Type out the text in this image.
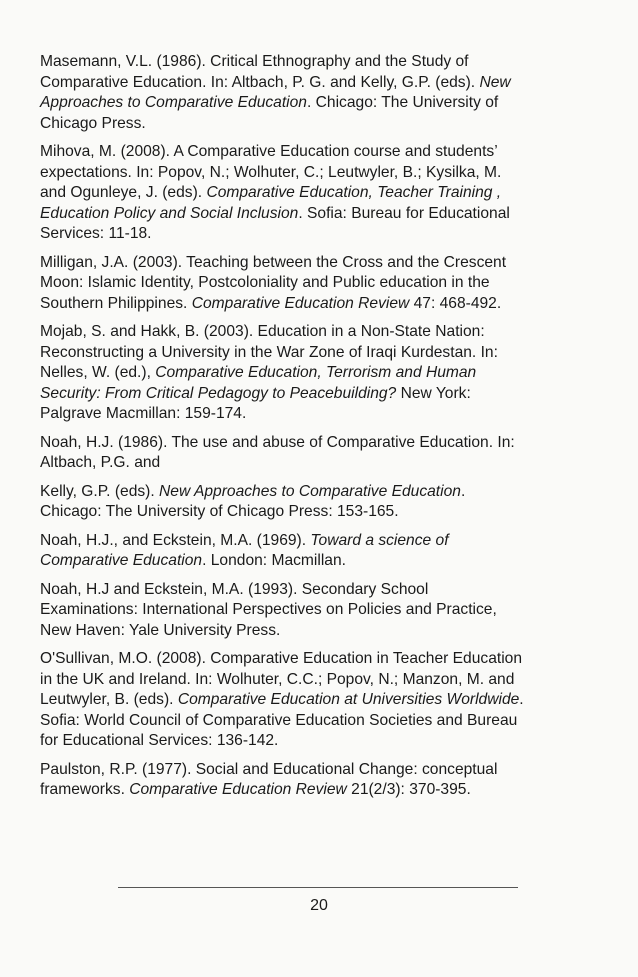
Masemann, V.L. (1986). Critical Ethnography and the Study of
Comparative Education. In: Altbach, P. G. and Kelly, G.P. (eds). New
Approaches to Comparative Education. Chicago: The University of
Chicago Press.
Mihova, M. (2008). A Comparative Education course and students’
expectations. In: Popov, N.; Wolhuter, C.; Leutwyler, B.; Kysilka, M.
and Ogunleye, J. (eds). Comparative Education, Teacher Training ,
Education Policy and Social Inclusion. Sofia: Bureau for Educational
Services: 11-18.
Milligan, J.A. (2003). Teaching between the Cross and the Crescent
Moon: Islamic Identity, Postcoloniality and Public education in the
Southern Philippines. Comparative Education Review 47: 468-492.
Mojab, S. and Hakk, B. (2003). Education in a Non-State Nation:
Reconstructing a University in the War Zone of Iraqi Kurdestan. In:
Nelles, W. (ed.), Comparative Education, Terrorism and Human
Security: From Critical Pedagogy to Peacebuilding? New York:
Palgrave Macmillan: 159-174.
Noah, H.J. (1986). The use and abuse of Comparative Education. In:
Altbach, P.G. and
Kelly, G.P. (eds). New Approaches to Comparative Education.
Chicago: The University of Chicago Press: 153-165.
Noah, H.J., and Eckstein, M.A. (1969). Toward a science of
Comparative Education. London: Macmillan.
Noah, H.J and Eckstein, M.A. (1993). Secondary School
Examinations: International Perspectives on Policies and Practice,
New Haven: Yale University Press.
O'Sullivan, M.O. (2008). Comparative Education in Teacher Education
in the UK and Ireland. In: Wolhuter, C.C.; Popov, N.; Manzon, M. and
Leutwyler, B. (eds). Comparative Education at Universities Worldwide.
Sofia: World Council of Comparative Education Societies and Bureau
for Educational Services: 136-142.
Paulston, R.P. (1977). Social and Educational Change: conceptual
frameworks. Comparative Education Review 21(2/3): 370-395.
20
